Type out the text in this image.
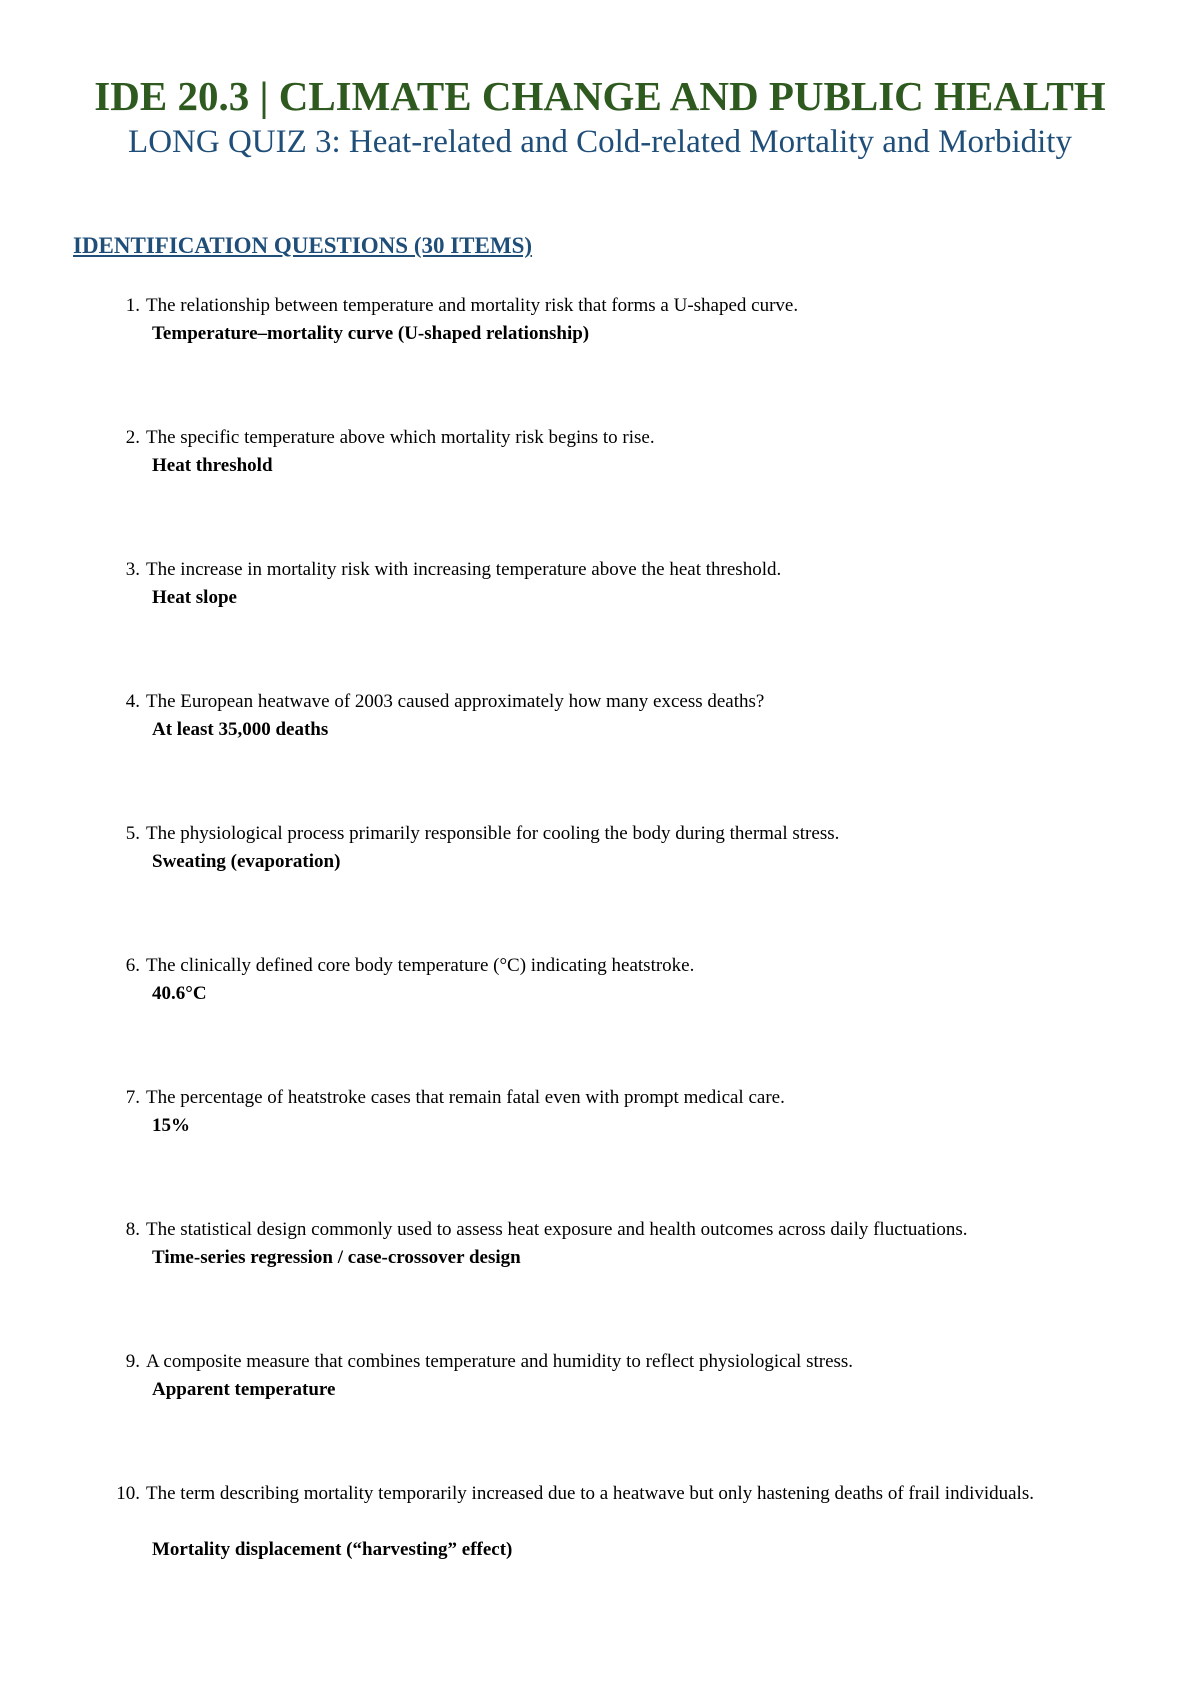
IDE 20.3 | CLIMATE CHANGE AND PUBLIC HEALTH
LONG QUIZ 3: Heat-related and Cold-related Mortality and Morbidity
IDENTIFICATION QUESTIONS (30 ITEMS)
1. The relationship between temperature and mortality risk that forms a U-shaped curve.
Temperature–mortality curve (U-shaped relationship)
2. The specific temperature above which mortality risk begins to rise.
Heat threshold
3. The increase in mortality risk with increasing temperature above the heat threshold.
Heat slope
4. The European heatwave of 2003 caused approximately how many excess deaths?
At least 35,000 deaths
5. The physiological process primarily responsible for cooling the body during thermal stress.
Sweating (evaporation)
6. The clinically defined core body temperature (°C) indicating heatstroke.
40.6°C
7. The percentage of heatstroke cases that remain fatal even with prompt medical care.
15%
8. The statistical design commonly used to assess heat exposure and health outcomes across daily fluctuations.
Time-series regression / case-crossover design
9. A composite measure that combines temperature and humidity to reflect physiological stress.
Apparent temperature
10. The term describing mortality temporarily increased due to a heatwave but only hastening deaths of frail individuals.
Mortality displacement (“harvesting” effect)
